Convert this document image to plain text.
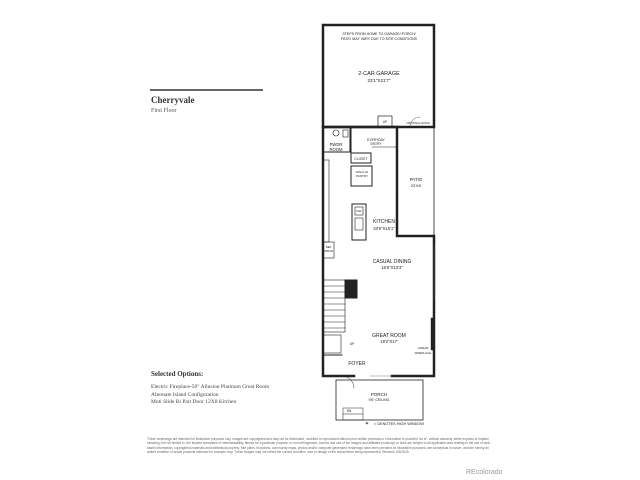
Cherryvale
First Floor
Selected Options:
Electric Fireplace-50" Allusion Platinum Great Room
Alternate Island Configuration
Muti Slide Bi Part Door 12X8 Kitchen
STEPS FROM HOME TO GARAGE/ PORCH/
PATIO MAY VARY DUE TO SITE CONDITIONS
2-CAR GARAGE
23'1"X21'7"
OPTIONAL DOOR
UP
PWDR
ROOM
EVERYDAY
ENTRY
CLOSET
WALK-IN
PANTRY
PATIO
23'X8'
DW
KITCHEN
23'6"X15'1"
REF
SPACE
CASUAL DINING
16'6"X13'3"
GREAT ROOM
19'2"X17'
UP
LINEAR
FIREPLACE
FOYER
PORCH
9'6" CEILING
DN
✶ = DENOTES HIGH WINDOW
These renderings are intended for illustrative purposes only. Images are copyrighted and may not be distributed, modified or reproduced without prior written permission. Information is provided "as is", without warranty, either express or implied, including, but not limited to, the implied warranties of merchantability, fitness for a particular purpose, or non-infringement. Access and use of the images and affiliated product(s) or links are subject to all applicable laws relating to the use of web-based information, copyrighted materials and intellectual property. Site plans, floorplans, community maps, photos and/or computer-generated renderings have been provided for illustrative purposes, are conceptual in nature, and are merely an artist's rendition of actual products intended for example only. These images may not reflect the current condition, size or design of the actual items being represented. Revision: 5/5/2026
REcolorado
